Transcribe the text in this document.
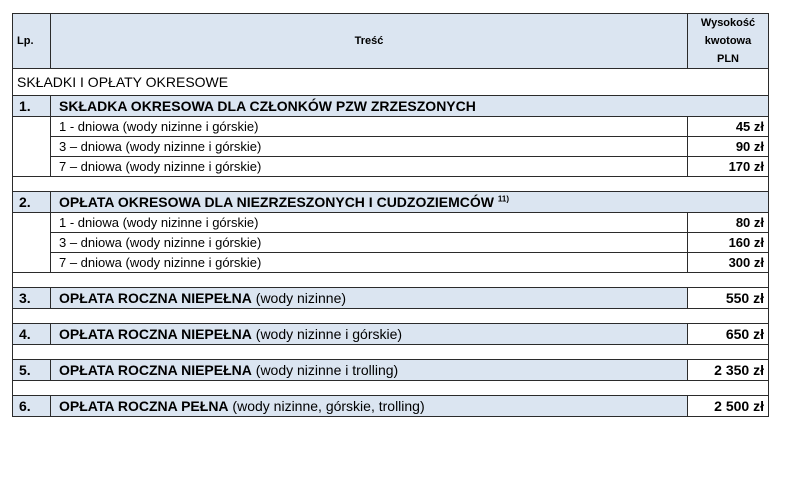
Lp.	Treść	Wysokość
kwotowa
PLN
SKŁADKI I OPŁATY OKRESOWE		
1.	SKŁADKA OKRESOWA DLA CZŁONKÓW PZW ZRZESZONYCH	
	1 - dniowa (wody nizinne i górskie)	45 zł
	3 – dniowa (wody nizinne i górskie)	90 zł
	7 – dniowa (wody nizinne i górskie)	170 zł

2.	OPŁATA OKRESOWA DLA NIEZRZESZONYCH I CUDZOZIEMCÓW $^{11)}$
	1 - dniowa (wody nizinne i górskie)	80 zł
	3 – dniowa (wody nizinne i górskie)	160 zł
	7 – dniowa (wody nizinne i górskie)	300 zł

3.	OPŁATA ROCZNA NIEPEŁNA (wody nizinne)	550 zł

4.	OPŁATA ROCZNA NIEPEŁNA (wody nizinne i górskie)	650 zł

5.	OPŁATA ROCZNA NIEPEŁNA (wody nizinne i trolling)	2 350 zł

6.	OPŁATA ROCZNA PEŁNA (wody nizinne, górskie, trolling)	2 500 zł
